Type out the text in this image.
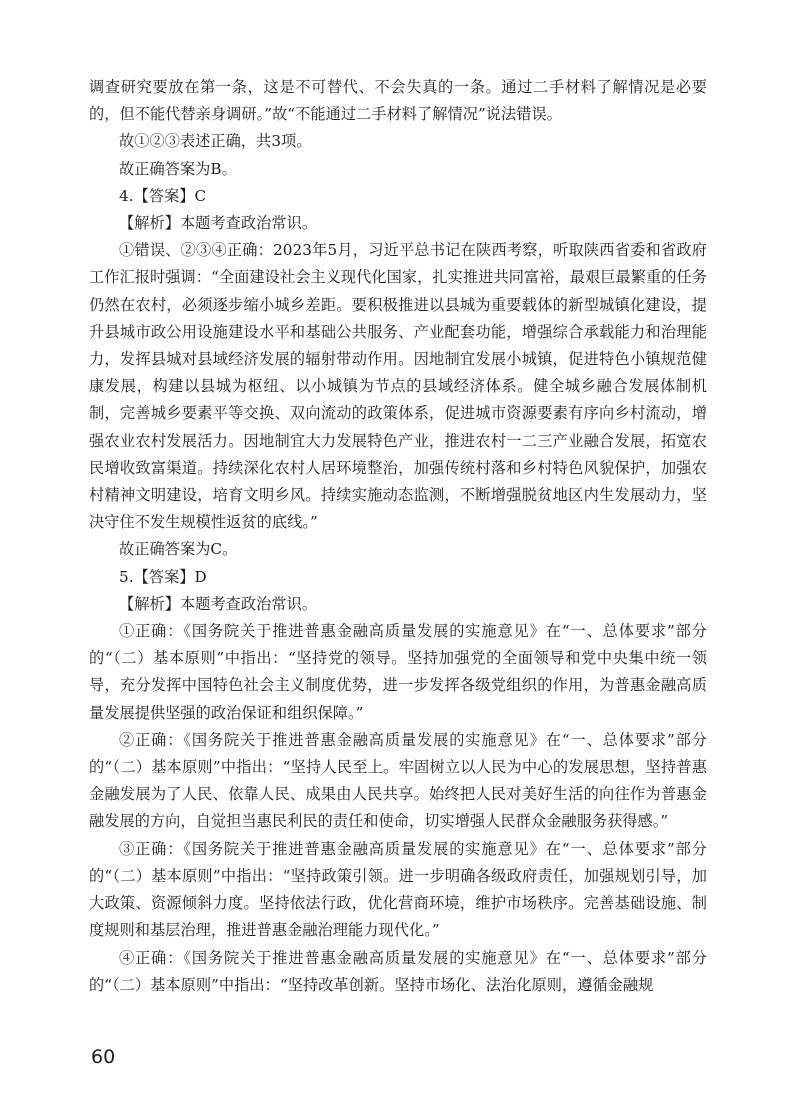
调查研究要放在第一条，这是不可替代、不会失真的一条。通过二手材料了解情况是必要的，但不能代替亲身调研。”故“不能通过二手材料了解情况”说法错误。

故①②③表述正确，共3项。

故正确答案为B。

4.【答案】C

【解析】本题考查政治常识。

①错误、②③④正确：2023年5月，习近平总书记在陕西考察，听取陕西省委和省政府工作汇报时强调：“全面建设社会主义现代化国家，扎实推进共同富裕，最艰巨最繁重的任务仍然在农村，必须逐步缩小城乡差距。要积极推进以县城为重要载体的新型城镇化建设，提升县城市政公用设施建设水平和基础公共服务、产业配套功能，增强综合承载能力和治理能力，发挥县城对县域经济发展的辐射带动作用。因地制宜发展小城镇，促进特色小镇规范健康发展，构建以县城为枢纽、以小城镇为节点的县域经济体系。健全城乡融合发展体制机制，完善城乡要素平等交换、双向流动的政策体系，促进城市资源要素有序向乡村流动，增强农业农村发展活力。因地制宜大力发展特色产业，推进农村一二三产业融合发展，拓宽农民增收致富渠道。持续深化农村人居环境整治，加强传统村落和乡村特色风貌保护，加强农村精神文明建设，培育文明乡风。持续实施动态监测，不断增强脱贫地区内生发展动力，坚决守住不发生规模性返贫的底线。”

故正确答案为C。

5.【答案】D

【解析】本题考查政治常识。

①正确：《国务院关于推进普惠金融高质量发展的实施意见》在“一、总体要求”部分的“（二）基本原则”中指出：“坚持党的领导。坚持加强党的全面领导和党中央集中统一领导，充分发挥中国特色社会主义制度优势，进一步发挥各级党组织的作用，为普惠金融高质量发展提供坚强的政治保证和组织保障。”

②正确：《国务院关于推进普惠金融高质量发展的实施意见》在“一、总体要求”部分的“（二）基本原则”中指出：“坚持人民至上。牢固树立以人民为中心的发展思想，坚持普惠金融发展为了人民、依靠人民、成果由人民共享。始终把人民对美好生活的向往作为普惠金融发展的方向，自觉担当惠民利民的责任和使命，切实增强人民群众金融服务获得感。”

③正确：《国务院关于推进普惠金融高质量发展的实施意见》在“一、总体要求”部分的“（二）基本原则”中指出：“坚持政策引领。进一步明确各级政府责任，加强规划引导，加大政策、资源倾斜力度。坚持依法行政，优化营商环境，维护市场秩序。完善基础设施、制度规则和基层治理，推进普惠金融治理能力现代化。”

④正确：《国务院关于推进普惠金融高质量发展的实施意见》在“一、总体要求”部分的“（二）基本原则”中指出：“坚持改革创新。坚持市场化、法治化原则，遵循金融规

60
